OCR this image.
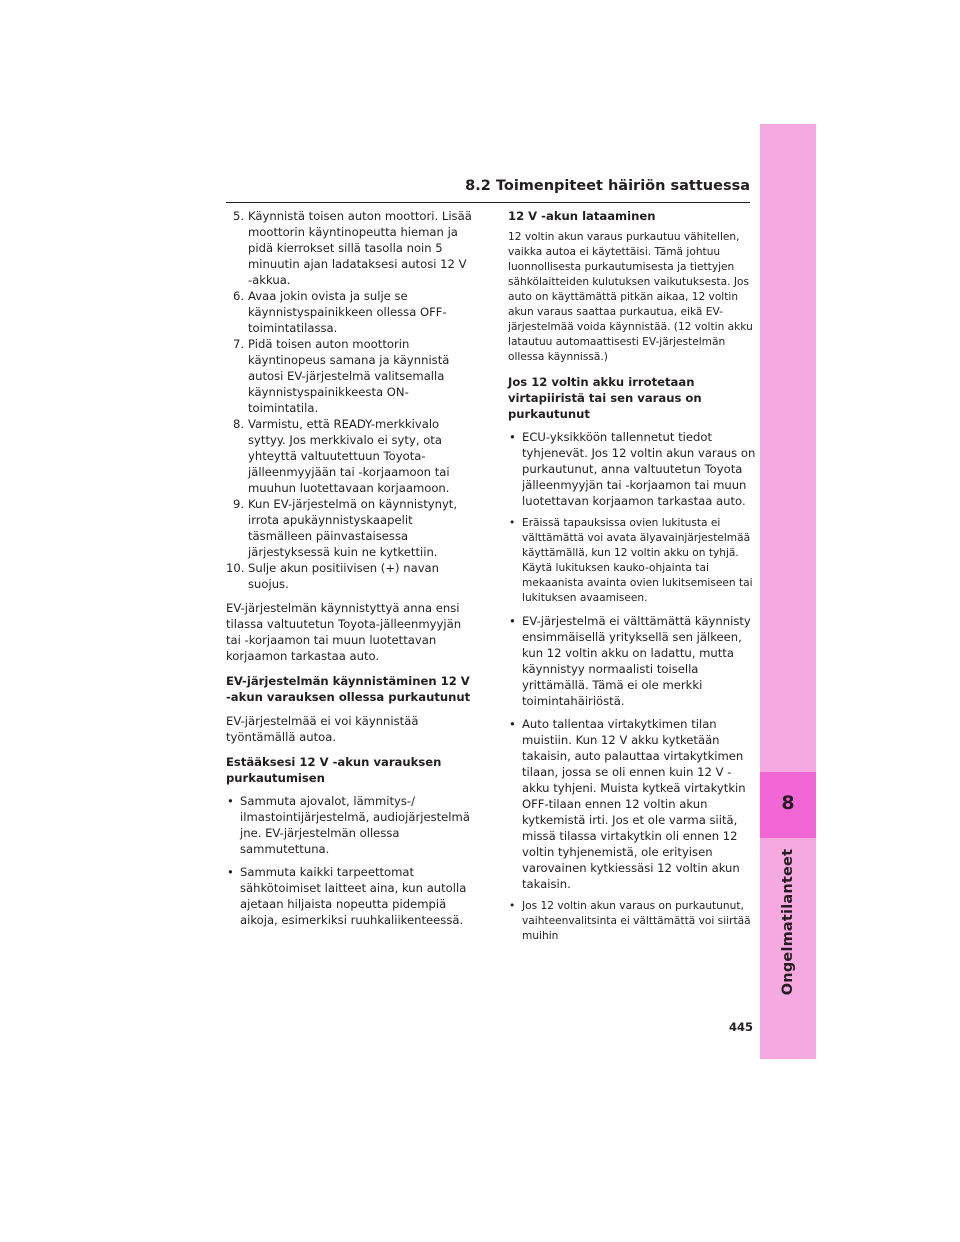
8
Ongelmatilanteet
8.2 Toimenpiteet häiriön sattuessa
5. Käynnistä toisen auton moottori. Lisää moottorin käyntinopeutta hieman ja pidä kierrokset sillä tasolla noin 5 minuutin ajan ladataksesi autosi 12 V -akkua.
6. Avaa jokin ovista ja sulje se käynnistyspainikkeen ollessa OFF-toimintatilassa.
7. Pidä toisen auton moottorin käyntinopeus samana ja käynnistä autosi EV-järjestelmä valitsemalla käynnistyspainikkeesta ON-toimintatila.
8. Varmistu, että READY-merkkivalo syttyy. Jos merkkivalo ei syty, ota yhteyttä valtuutettuun Toyota-jälleenmyyjään tai -korjaamoon tai muuhun luotettavaan korjaamoon.
9. Kun EV-järjestelmä on käynnistynyt, irrota apukäynnistyskaapelit täsmälleen päinvastaisessa järjestyksessä kuin ne kytkettiin.
10. Sulje akun positiivisen (+) navan suojus.

EV-järjestelmän käynnistyttyä anna ensi tilassa valtuutetun Toyota-jälleenmyyjän tai -korjaamon tai muun luotettavan korjaamon tarkastaa auto.

EV-järjestelmän käynnistäminen 12 V -akun varauksen ollessa purkautunut

EV-järjestelmää ei voi käynnistää työntämällä autoa.

Estääksesi 12 V -akun varauksen purkautumisen

• Sammuta ajovalot, lämmitys-/ ilmastointijärjestelmä, audiojärjestelmä jne. EV-järjestelmän ollessa sammutettuna.
• Sammuta kaikki tarpeettomat sähkötoimiset laitteet aina, kun autolla ajetaan hiljaista nopeutta pidempiä aikoja, esimerkiksi ruuhkaliikenteessä.

12 V -akun lataaminen

12 voltin akun varaus purkautuu vähitellen, vaikka autoa ei käytettäisi. Tämä johtuu luonnollisesta purkautumisesta ja tiettyjen sähkölaitteiden kulutuksen vaikutuksesta. Jos auto on käyttämättä pitkän aikaa, 12 voltin akun varaus saattaa purkautua, eikä EV-järjestelmää voida käynnistää. (12 voltin akku latautuu automaattisesti EV-järjestelmän ollessa käynnissä.)

Jos 12 voltin akku irrotetaan virtapiiristä tai sen varaus on purkautunut

• ECU-yksikköön tallennetut tiedot tyhjenevät. Jos 12 voltin akun varaus on purkautunut, anna valtuutetun Toyota jälleenmyyjän tai -korjaamon tai muun luotettavan korjaamon tarkastaa auto.
• Eräissä tapauksissa ovien lukitusta ei välttämättä voi avata älyavainjärjestelmää käyttämällä, kun 12 voltin akku on tyhjä. Käytä lukituksen kauko-ohjainta tai mekaanista avainta ovien lukitsemiseen tai lukituksen avaamiseen.
• EV-järjestelmä ei välttämättä käynnisty ensimmäisellä yrityksellä sen jälkeen, kun 12 voltin akku on ladattu, mutta käynnistyy normaalisti toisella yrittämällä. Tämä ei ole merkki toimintahäiriöstä.
• Auto tallentaa virtakytkimen tilan muistiin. Kun 12 V akku kytketään takaisin, auto palauttaa virtakytkimen tilaan, jossa se oli ennen kuin 12 V -akku tyhjeni. Muista kytkeä virtakytkin OFF-tilaan ennen 12 voltin akun kytkemistä irti. Jos et ole varma siitä, missä tilassa virtakytkin oli ennen 12 voltin tyhjenemistä, ole erityisen varovainen kytkiessäsi 12 voltin akun takaisin.
• Jos 12 voltin akun varaus on purkautunut, vaihteenvalitsinta ei välttämättä voi siirtää muihin
445
